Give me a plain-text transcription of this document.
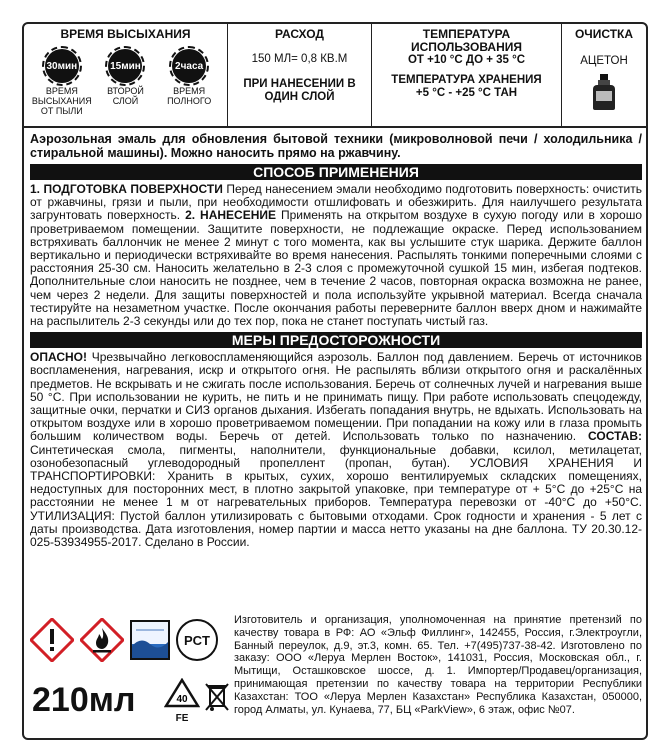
ВРЕМЯ ВЫСЫХАНИЯ
30мин
ВРЕМЯ ВЫСЫХАНИЯ ОТ ПЫЛИ
15мин
ВТОРОЙ СЛОЙ
2часа
ВРЕМЯ ПОЛНОГО
РАСХОД
150 МЛ= 0,8 КВ.М
ПРИ НАНЕСЕНИИ В ОДИН СЛОЙ
ТЕМПЕРАТУРА ИСПОЛЬЗОВАНИЯ
ОТ +10 °С ДО + 35 °С
ТЕМПЕРАТУРА ХРАНЕНИЯ
+5 °С - +25 °С ТАН
ОЧИСТКА
АЦЕТОН

Аэрозольная эмаль для обновления бытовой техники (микроволновой печи / холодильника / стиральной машины). Можно наносить прямо на ржавчину.

СПОСОБ ПРИМЕНЕНИЯ

1. ПОДГОТОВКА ПОВЕРХНОСТИ Перед нанесением эмали необходимо подготовить поверхность: очистить от ржавчины, грязи и пыли, при необходимости отшлифовать и обезжирить. Для наилучшего результата загрунтовать поверхность. 2. НАНЕСЕНИЕ Применять на открытом воздухе в сухую погоду или в хорошо проветриваемом помещении. Защитите поверхности, не подлежащие окраске. Перед использованием встряхивать баллончик не менее 2 минут с того момента, как вы услышите стук шарика. Держите баллон вертикально и периодически встряхивайте во время нанесения. Распылять тонкими поперечными слоями с расстояния 25-30 см. Наносить желательно в 2-3 слоя с промежуточной сушкой 15 мин, избегая подтеков. Дополнительные слои наносить не позднее, чем в течение 2 часов, повторная окраска возможна не ранее, чем через 2 недели. Для защиты поверхностей и пола используйте укрывной материал. Всегда сначала тестируйте на незаметном участке. После окончания работы переверните баллон вверх дном и нажимайте на распылитель 2-3 секунды или до тех пор, пока не станет поступать чистый газ.

МЕРЫ ПРЕДОСТОРОЖНОСТИ

ОПАСНО! Чрезвычайно легковоспламеняющийся аэрозоль. Баллон под давлением. Беречь от источников воспламенения, нагревания, искр и открытого огня. Не распылять вблизи открытого огня и раскалённых предметов. Не вскрывать и не сжигать после использования. Беречь от солнечных лучей и нагревания выше 50 °С. При использовании не курить, не пить и не принимать пищу. При работе использовать спецодежду, защитные очки, перчатки и СИЗ органов дыхания. Избегать попадания внутрь, не вдыхать. Использовать на открытом воздухе или в хорошо проветриваемом помещении. При попадании на кожу или в глаза промыть большим количеством воды. Беречь от детей. Использовать только по назначению. СОСТАВ: Синтетическая смола, пигменты, наполнители, функциональные добавки, ксилол, метилацетат, озонобезопасный углеводородный пропеллент (пропан, бутан). УСЛОВИЯ ХРАНЕНИЯ И ТРАНСПОРТИРОВКИ: Хранить в крытых, сухих, хорошо вентилируемых складских помещениях, недоступных для посторонних мест, в плотно закрытой упаковке, при температуре от + 5°С до +25°С на расстоянии не менее 1 м от нагревательных приборов. Температура перевозки от -40°С до +50°С. УТИЛИЗАЦИЯ: Пустой баллон утилизировать с бытовыми отходами. Срок годности и хранения - 5 лет с даты производства. Дата изготовления, номер партии и масса нетто указаны на дне баллона. ТУ 20.30.12-025-53934955-2017. Сделано в России.

PCT
210мл	40
FE

Изготовитель и организация, уполномоченная на принятие претензий по качеству товара в РФ: АО «Эльф Филлинг», 142455, Россия, г.Электроугли, Банный переулок, д.9, эт.3, комн. 65. Тел. +7(495)737-38-42. Изготовлено по заказу: ООО «Леруа Мерлен Восток», 141031, Россия, Московская обл., г. Мытищи, Осташковское шоссе, д. 1. Импортер/Продавец/организация, принимающая претензии по качеству товара на территории Республики Казахстан: ТОО «Леруа Мерлен Казахстан» Республика Казахстан, 050000, город Алматы, ул. Кунаева, 77, БЦ «ParkView», 6 этаж, офис №07.
